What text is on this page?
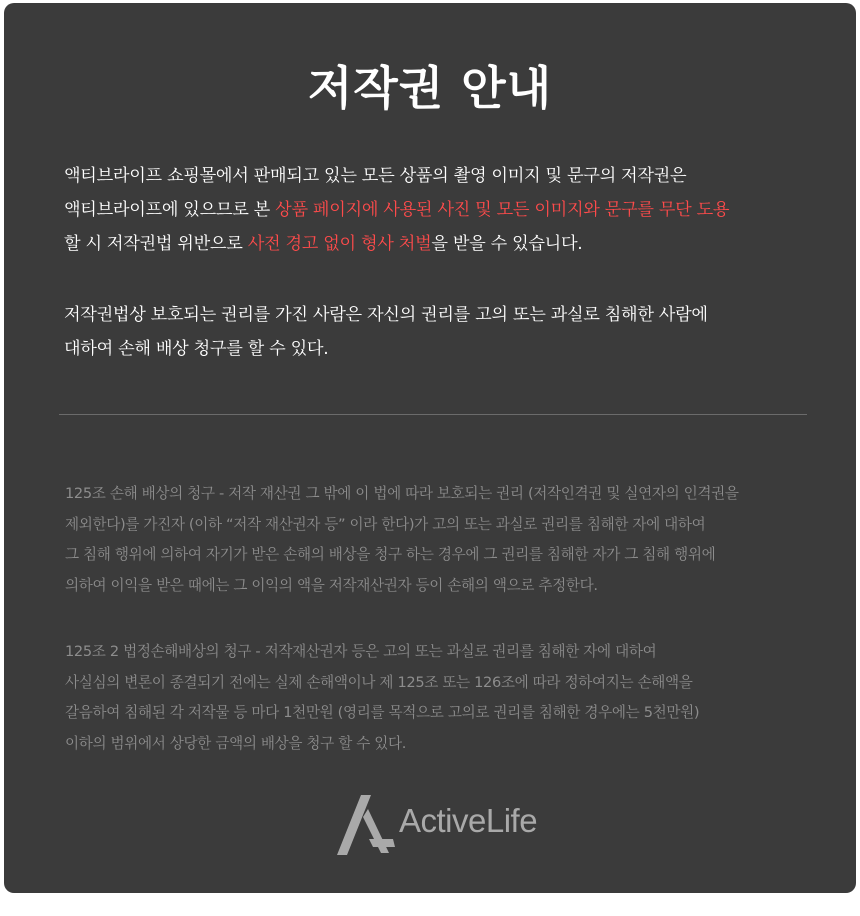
저작권 안내

액티브라이프 쇼핑몰에서 판매되고 있는 모든 상품의 촬영 이미지 및 문구의 저작권은
액티브라이프에 있으므로 본 상품 페이지에 사용된 사진 및 모든 이미지와 문구를 무단 도용
할 시 저작권법 위반으로 사전 경고 없이 형사 처벌을 받을 수 있습니다.

저작권법상 보호되는 권리를 가진 사람은 자신의 권리를 고의 또는 과실로 침해한 사람에
대하여 손해 배상 청구를 할 수 있다.

125조 손해 배상의 청구 - 저작 재산권 그 밖에 이 법에 따라 보호되는 권리 (저작인격권 및 실연자의 인격권을
제외한다)를 가진자 (이하 “저작 재산권자 등” 이라 한다)가 고의 또는 과실로 권리를 침해한 자에 대하여
그 침해 행위에 의하여 자기가 받은 손해의 배상을 청구 하는 경우에 그 권리를 침해한 자가 그 침해 행위에
의하여 이익을 받은 때에는 그 이익의 액을 저작재산권자 등이 손해의 액으로 추정한다.

125조 2 법정손해배상의 청구 - 저작재산권자 등은 고의 또는 과실로 권리를 침해한 자에 대하여
사실심의 변론이 종결되기 전에는 실제 손해액이나 제 125조 또는 126조에 따라 정하여지는 손해액을
갈음하여 침해된 각 저작물 등 마다 1천만원 (영리를 목적으로 고의로 권리를 침해한 경우에는 5천만원)
이하의 범위에서 상당한 금액의 배상을 청구 할 수 있다.

ActiveLife
